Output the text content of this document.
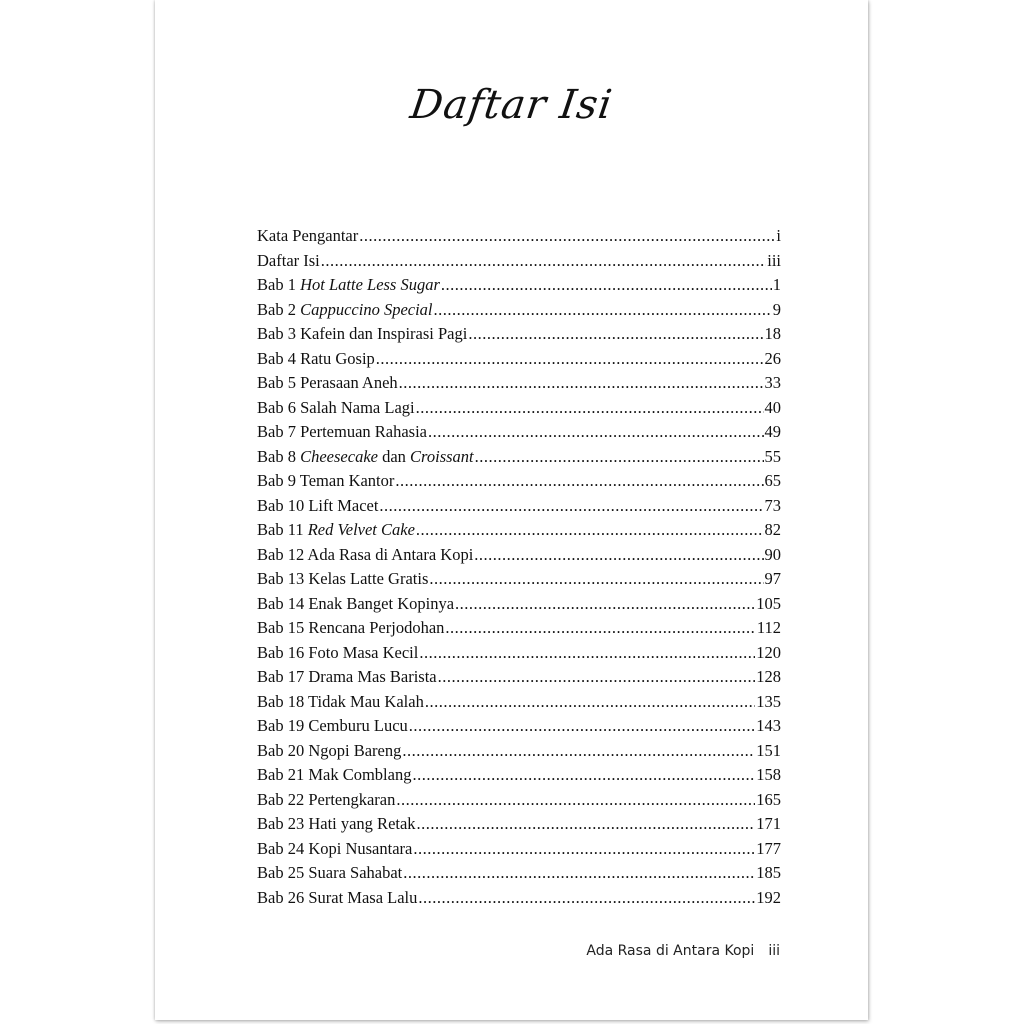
Daftar Isi
Kata Pengantar .....	i
Daftar Isi .....	iii
Bab 1 Hot Latte Less Sugar .....	1
Bab 2 Cappuccino Special .....	9
Bab 3 Kafein dan Inspirasi Pagi .....	18
Bab 4 Ratu Gosip .....	26
Bab 5 Perasaan Aneh .....	33
Bab 6 Salah Nama Lagi .....	40
Bab 7 Pertemuan Rahasia .....	49
Bab 8 Cheesecake dan Croissant .....	55
Bab 9 Teman Kantor .....	65
Bab 10 Lift Macet .....	73
Bab 11 Red Velvet Cake .....	82
Bab 12 Ada Rasa di Antara Kopi .....	90
Bab 13 Kelas Latte Gratis .....	97
Bab 14 Enak Banget Kopinya .....	105
Bab 15 Rencana Perjodohan .....	112
Bab 16 Foto Masa Kecil .....	120
Bab 17 Drama Mas Barista .....	128
Bab 18 Tidak Mau Kalah .....	135
Bab 19 Cemburu Lucu .....	143
Bab 20 Ngopi Bareng .....	151
Bab 21 Mak Comblang .....	158
Bab 22 Pertengkaran .....	165
Bab 23 Hati yang Retak .....	171
Bab 24 Kopi Nusantara .....	177
Bab 25 Suara Sahabat .....	185
Bab 26 Surat Masa Lalu .....	192
Ada Rasa di Antara Kopi iii
